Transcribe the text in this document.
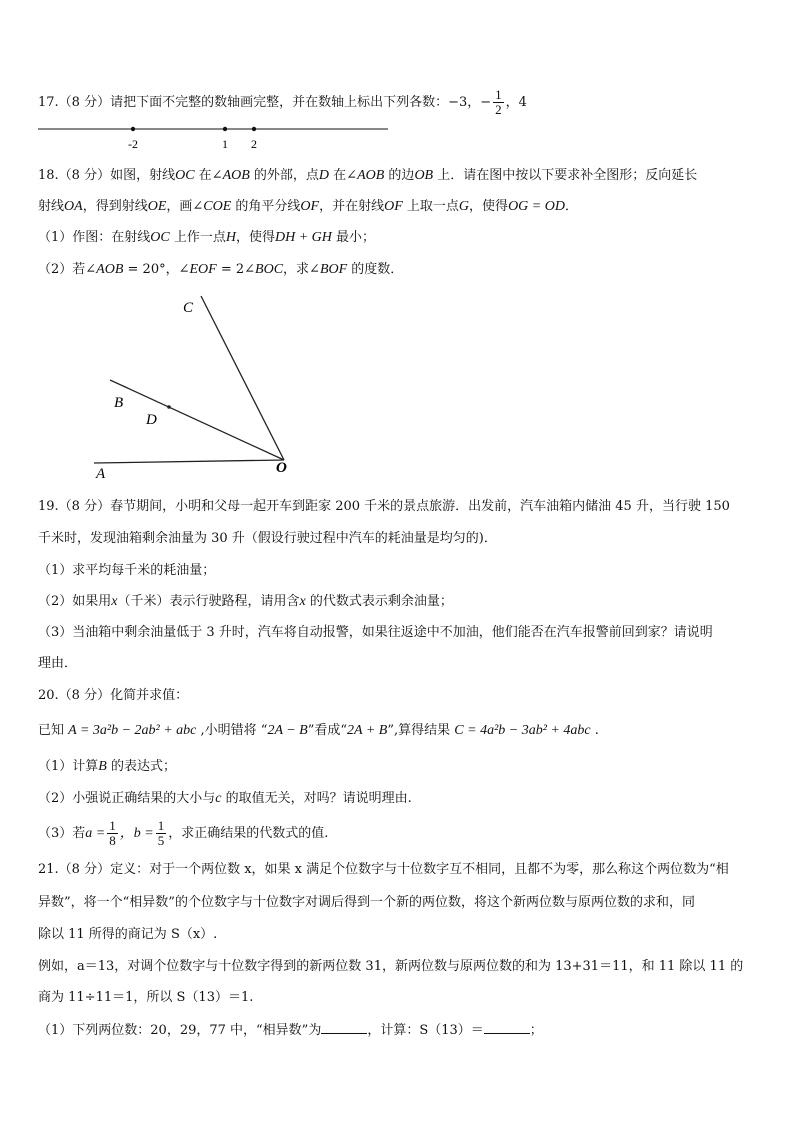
17.（8 分）请把下面不完整的数轴画完整，并在数轴上标出下列各数：−3，− $\frac{1}{2}$ ，4
-2	1 2
18.（8 分）如图，射线OC 在∠AOB 的外部，点D 在∠AOB 的边OB 上．请在图中按以下要求补全图形；反向延长
射线OA，得到射线OE，画∠COE 的角平分线OF，并在射线OF 上取一点G，使得OG = OD．
（1）作图：在射线OC 上作一点H，使得DH + GH 最小；
（2）若∠AOB = 20°，∠EOF = 2∠BOC，求∠BOF 的度数．
C
B
D
A	O
19.（8 分）春节期间，小明和父母一起开车到距家 200 千米的景点旅游．出发前，汽车油箱内储油 45 升，当行驶 150
千米时，发现油箱剩余油量为 30 升（假设行驶过程中汽车的耗油量是均匀的)．
（1）求平均每千米的耗油量；
（2）如果用x（千米）表示行驶路程，请用含x 的代数式表示剩余油量；
（3）当油箱中剩余油量低于 3 升时，汽车将自动报警，如果往返途中不加油，他们能否在汽车报警前回到家？请说明
理由．
20.（8 分）化简并求值：
已知 A = 3a²b − 2ab² + abc ,小明错将 “2A − B”看成“2A + B”,算得结果 C = 4a²b − 3ab² + 4abc .
（1）计算B 的表达式；
（2）小强说正确结果的大小与c 的取值无关，对吗？请说明理由.
（3）若$a = \frac{1}{8}$ ，$b = \frac{1}{5}$ ，求正确结果的代数式的值.
21.（8 分）定义：对于一个两位数 x，如果 x 满足个位数字与十位数字互不相同，且都不为零，那么称这个两位数为“相
异数”，将一个“相异数”的个位数字与十位数字对调后得到一个新的两位数，将这个新两位数与原两位数的求和，同
除以 11 所得的商记为 S（x）.
例如，a＝13，对调个位数字与十位数字得到的新两位数 31，新两位数与原两位数的和为 13+31＝11，和 11 除以 11 的
商为 11÷11＝1，所以 S（13）＝1.
（1）下列两位数：20，29，77 中，“相异数”为	，计算：S（13）＝	；
